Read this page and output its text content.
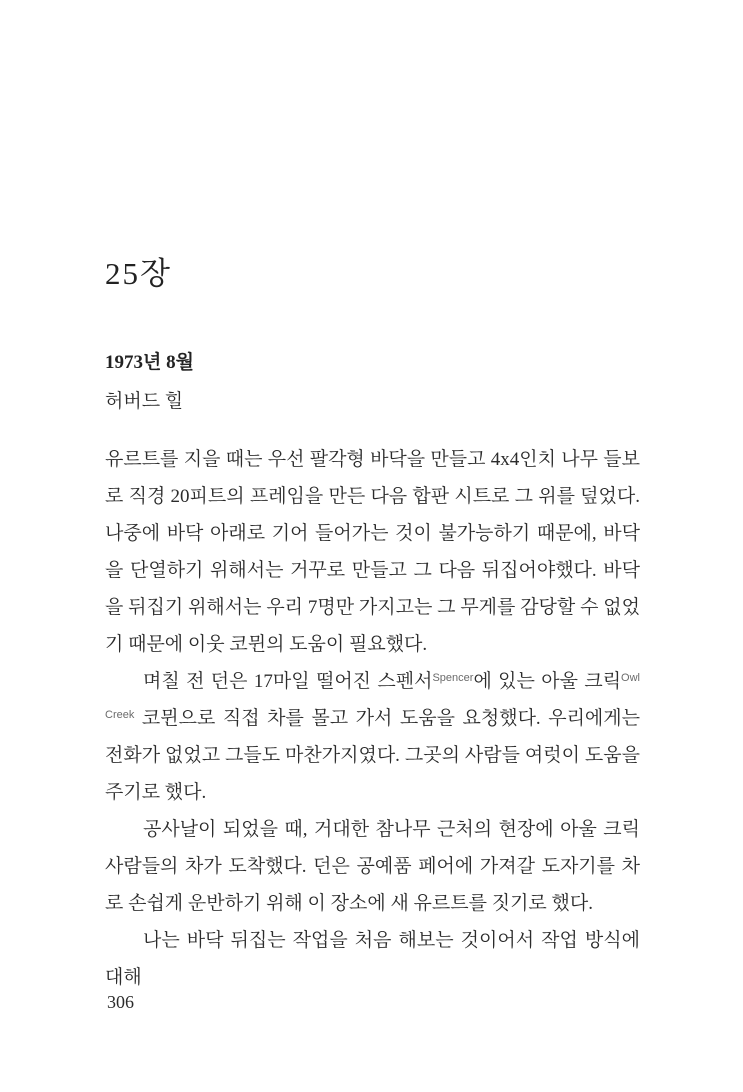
25장
1973년 8월
허버드 힐

유르트를 지을 때는 우선 팔각형 바닥을 만들고 4x4인치 나무 들보로 직경 20피트의 프레임을 만든 다음 합판 시트로 그 위를 덮었다. 나중에 바닥 아래로 기어 들어가는 것이 불가능하기 때문에, 바닥을 단열하기 위해서는 거꾸로 만들고 그 다음 뒤집어야했다. 바닥을 뒤집기 위해서는 우리 7명만 가지고는 그 무게를 감당할 수 없었기 때문에 이웃 코뮌의 도움이 필요했다.

며칠 전 던은 17마일 떨어진 스펜서$^{Spencer}$에 있는 아울 크릭$^{Owl Creek}$ 코뮌으로 직접 차를 몰고 가서 도움을 요청했다. 우리에게는 전화가 없었고 그들도 마찬가지였다. 그곳의 사람들 여럿이 도움을 주기로 했다.

공사날이 되었을 때, 거대한 참나무 근처의 현장에 아울 크릭 사람들의 차가 도착했다. 던은 공예품 페어에 가져갈 도자기를 차로 손쉽게 운반하기 위해 이 장소에 새 유르트를 짓기로 했다.

나는 바닥 뒤집는 작업을 처음 해보는 것이어서 작업 방식에 대해

306
